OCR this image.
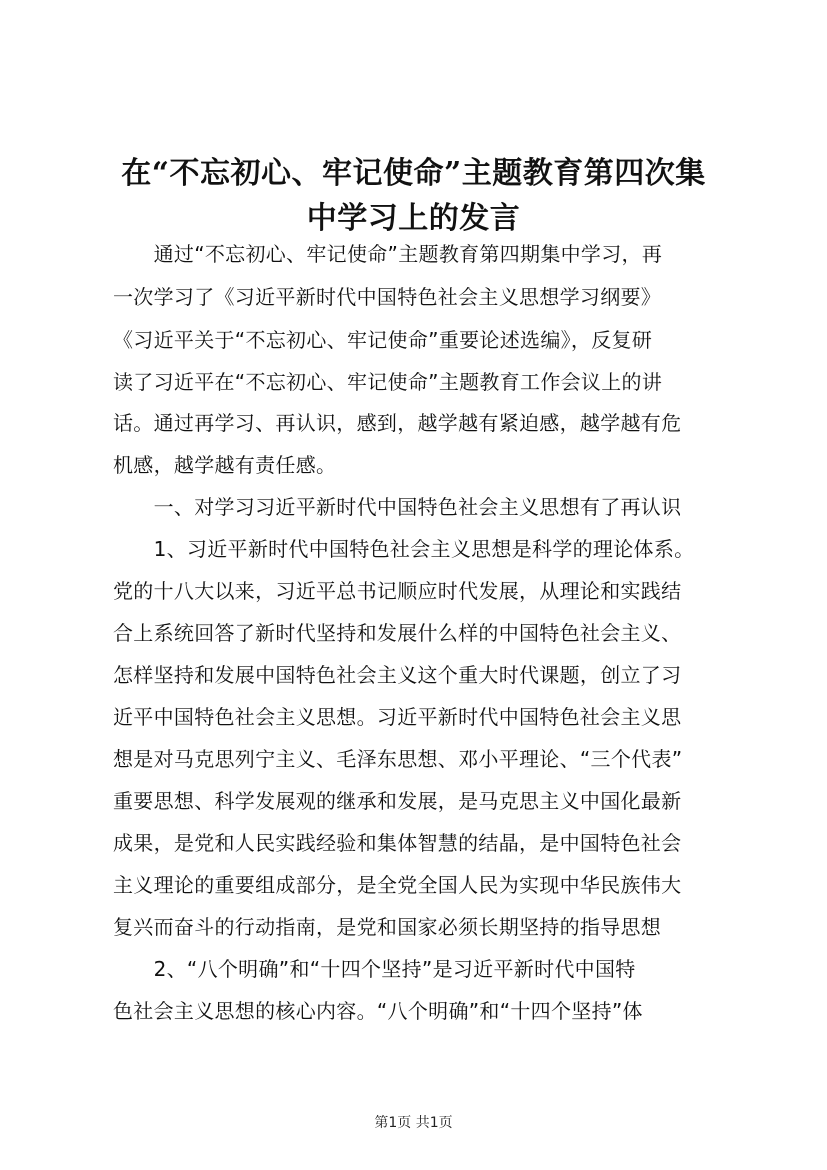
在“不忘初心、牢记使命”主题教育第四次集
中学习上的发言
　　通过“不忘初心、牢记使命”主题教育第四期集中学习，再
一次学习了《习近平新时代中国特色社会主义思想学习纲要》
《习近平关于“不忘初心、牢记使命”重要论述选编》，反复研
读了习近平在“不忘初心、牢记使命”主题教育工作会议上的讲
话。通过再学习、再认识，感到，越学越有紧迫感，越学越有危
机感，越学越有责任感。
　　一、对学习习近平新时代中国特色社会主义思想有了再认识
　　1、习近平新时代中国特色社会主义思想是科学的理论体系。
党的十八大以来，习近平总书记顺应时代发展，从理论和实践结
合上系统回答了新时代坚持和发展什么样的中国特色社会主义、
怎样坚持和发展中国特色社会主义这个重大时代课题，创立了习
近平中国特色社会主义思想。习近平新时代中国特色社会主义思
想是对马克思列宁主义、毛泽东思想、邓小平理论、“三个代表”
重要思想、科学发展观的继承和发展，是马克思主义中国化最新
成果，是党和人民实践经验和集体智慧的结晶，是中国特色社会
主义理论的重要组成部分，是全党全国人民为实现中华民族伟大
复兴而奋斗的行动指南，是党和国家必须长期坚持的指导思想
　　2、“八个明确”和“十四个坚持”是习近平新时代中国特
色社会主义思想的核心内容。“八个明确”和“十四个坚持”体
第1页 共1页
